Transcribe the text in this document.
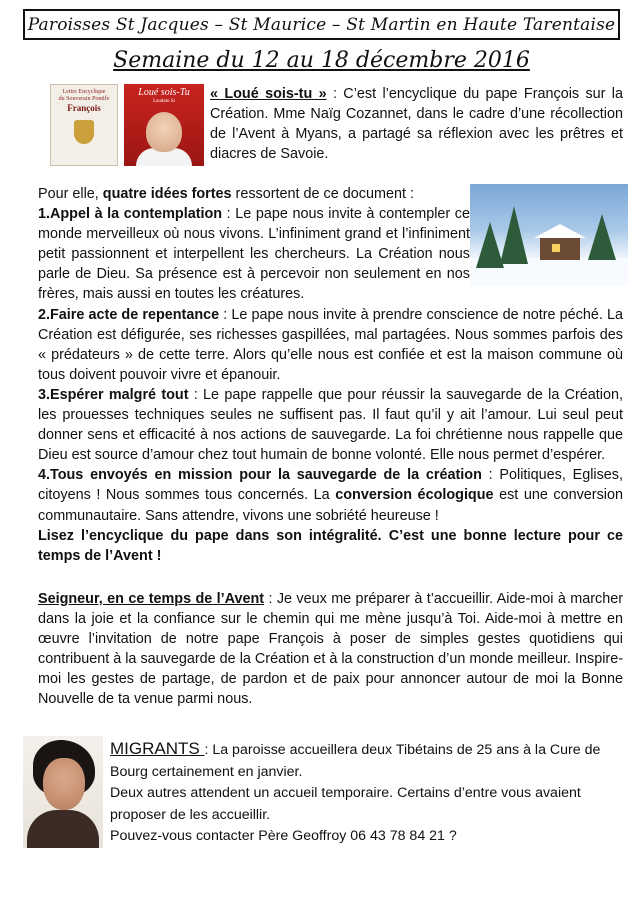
Paroisses St Jacques – St Maurice – St Martin en Haute Tarentaise
Semaine du 12 au 18 décembre 2016
Lettre Encyclique
du Souverain Pontife
François
Loué sois-Tu
Laudato Si	« Loué sois-tu » : C’est l’encyclique du pape François sur la Création. Mme Naïg Cozannet, dans le cadre d’une récollection de l’Avent à Myans, a partagé sa réflexion avec les prêtres et diacres de Savoie.

Pour elle, quatre idées fortes ressortent de ce document :

1.Appel à la contemplation : Le pape nous invite à contempler ce monde merveilleux où nous vivons. L’infiniment grand et l’infiniment petit passionnent et interpellent les chercheurs. La Création nous parle de Dieu. Sa présence est à percevoir non seulement en nos frères, mais aussi en toutes les créatures.

2.Faire acte de repentance : Le pape nous invite à prendre conscience de notre péché. La Création est défigurée, ses richesses gaspillées, mal partagées. Nous sommes parfois des « prédateurs » de cette terre. Alors qu’elle nous est confiée et est la maison commune où tous doivent pouvoir vivre et épanouir.

3.Espérer malgré tout : Le pape rappelle que pour réussir la sauvegarde de la Création, les prouesses techniques seules ne suffisent pas. Il faut qu’il y ait l’amour. Lui seul peut donner sens et efficacité à nos actions de sauvegarde. La foi chrétienne nous rappelle que Dieu est source d’amour chez tout humain de bonne volonté. Elle nous permet d’espérer.

4.Tous envoyés en mission pour la sauvegarde de la création : Politiques, Eglises, citoyens ! Nous sommes tous concernés. La conversion écologique est une conversion communautaire. Sans attendre, vivons une sobriété heureuse !

Lisez l’encyclique du pape dans son intégralité. C’est une bonne lecture pour ce temps de l’Avent !

Seigneur, en ce temps de l’Avent : Je veux me préparer à t’accueillir. Aide-moi à marcher dans la joie et la confiance sur le chemin qui me mène jusqu’à Toi. Aide-moi à mettre en œuvre l’invitation de notre pape François à poser de simples gestes quotidiens qui contribuent à la sauvegarde de la Création et à la construction d’un monde meilleur. Inspire-moi les gestes de partage, de pardon et de paix pour annoncer autour de moi la Bonne Nouvelle de ta venue parmi nous.

MIGRANTS : La paroisse accueillera deux Tibétains de 25 ans à la Cure de Bourg certainement en janvier.

Deux autres attendent un accueil temporaire. Certains d’entre vous avaient proposer de les accueillir.

Pouvez-vous contacter Père Geoffroy 06 43 78 84 21 ?
